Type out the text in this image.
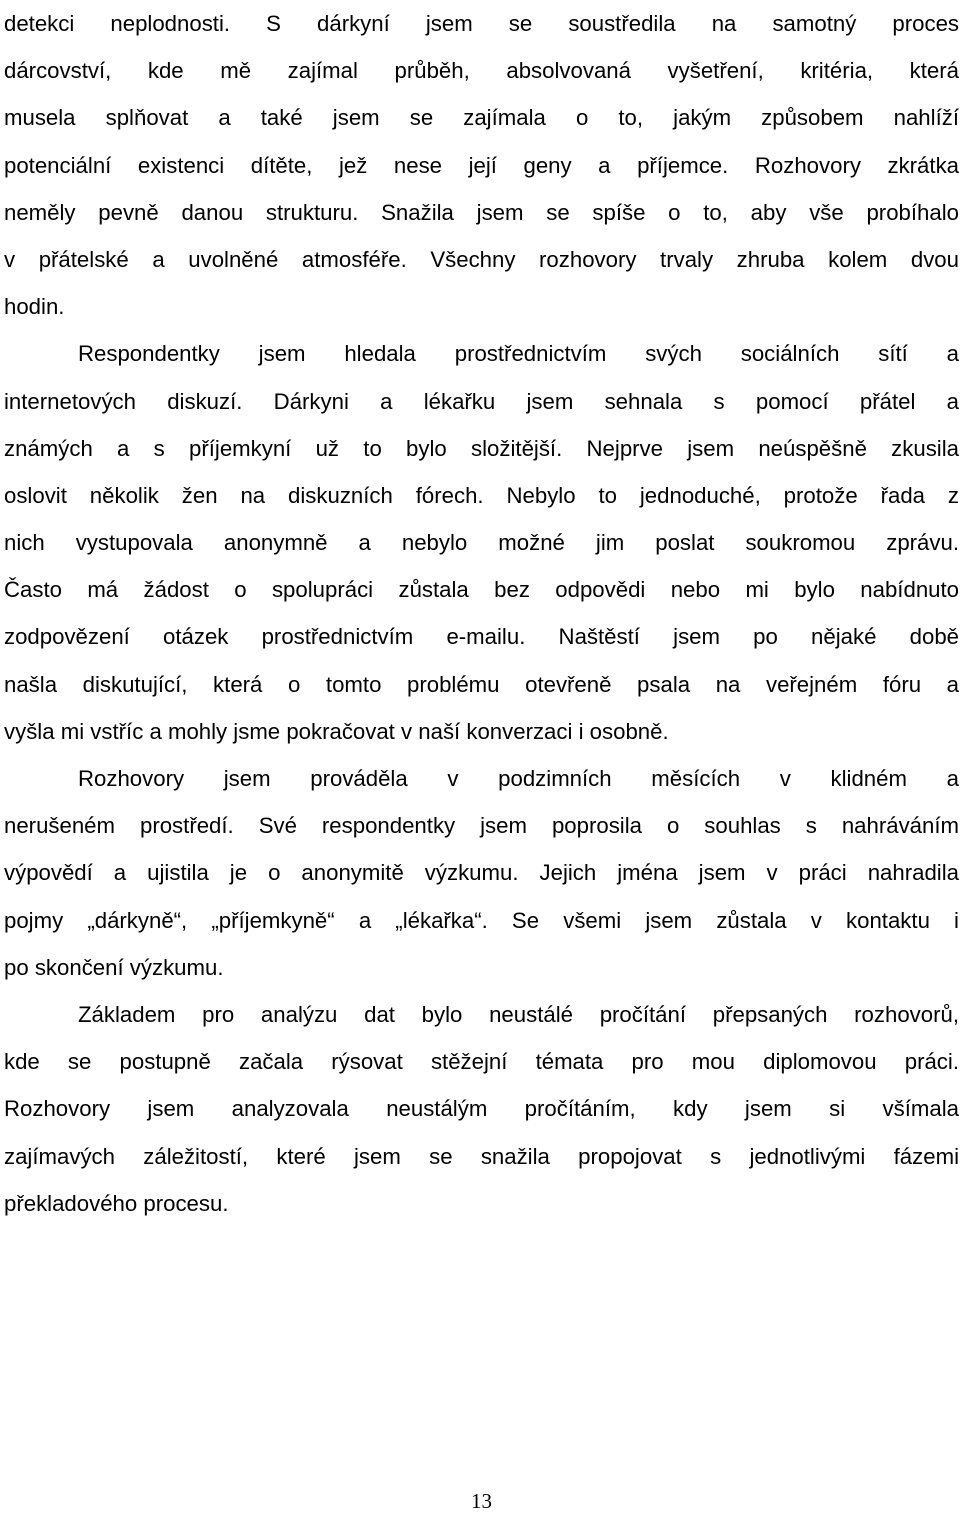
detekci neplodnosti. S dárkyní jsem se soustředila na samotný proces
dárcovství, kde mě zajímal průběh, absolvovaná vyšetření, kritéria, která
musela splňovat a také jsem se zajímala o to, jakým způsobem nahlíží
potenciální existenci dítěte, jež nese její geny a příjemce. Rozhovory zkrátka
neměly pevně danou strukturu. Snažila jsem se spíše o to, aby vše probíhalo
v přátelské a uvolněné atmosféře. Všechny rozhovory trvaly zhruba kolem dvou
hodin.
Respondentky jsem hledala prostřednictvím svých sociálních sítí a
internetových diskuzí. Dárkyni a lékařku jsem sehnala s pomocí přátel a
známých a s příjemkyní už to bylo složitější. Nejprve jsem neúspěšně zkusila
oslovit několik žen na diskuzních fórech. Nebylo to jednoduché, protože řada z
nich vystupovala anonymně a nebylo možné jim poslat soukromou zprávu.
Často má žádost o spolupráci zůstala bez odpovědi nebo mi bylo nabídnuto
zodpovězení otázek prostřednictvím e-mailu. Naštěstí jsem po nějaké době
našla diskutující, která o tomto problému otevřeně psala na veřejném fóru a
vyšla mi vstříc a mohly jsme pokračovat v naší konverzaci i osobně.
Rozhovory jsem prováděla v podzimních měsících v klidném a
nerušeném prostředí. Své respondentky jsem poprosila o souhlas s nahráváním
výpovědí a ujistila je o anonymitě výzkumu. Jejich jména jsem v práci nahradila
pojmy „dárkyně“, „příjemkyně“ a „lékařka“. Se všemi jsem zůstala v kontaktu i
po skončení výzkumu.
Základem pro analýzu dat bylo neustálé pročítání přepsaných rozhovorů,
kde se postupně začala rýsovat stěžejní témata pro mou diplomovou práci.
Rozhovory jsem analyzovala neustálým pročítáním, kdy jsem si všímala
zajímavých záležitostí, které jsem se snažila propojovat s jednotlivými fázemi
překladového procesu.
13
